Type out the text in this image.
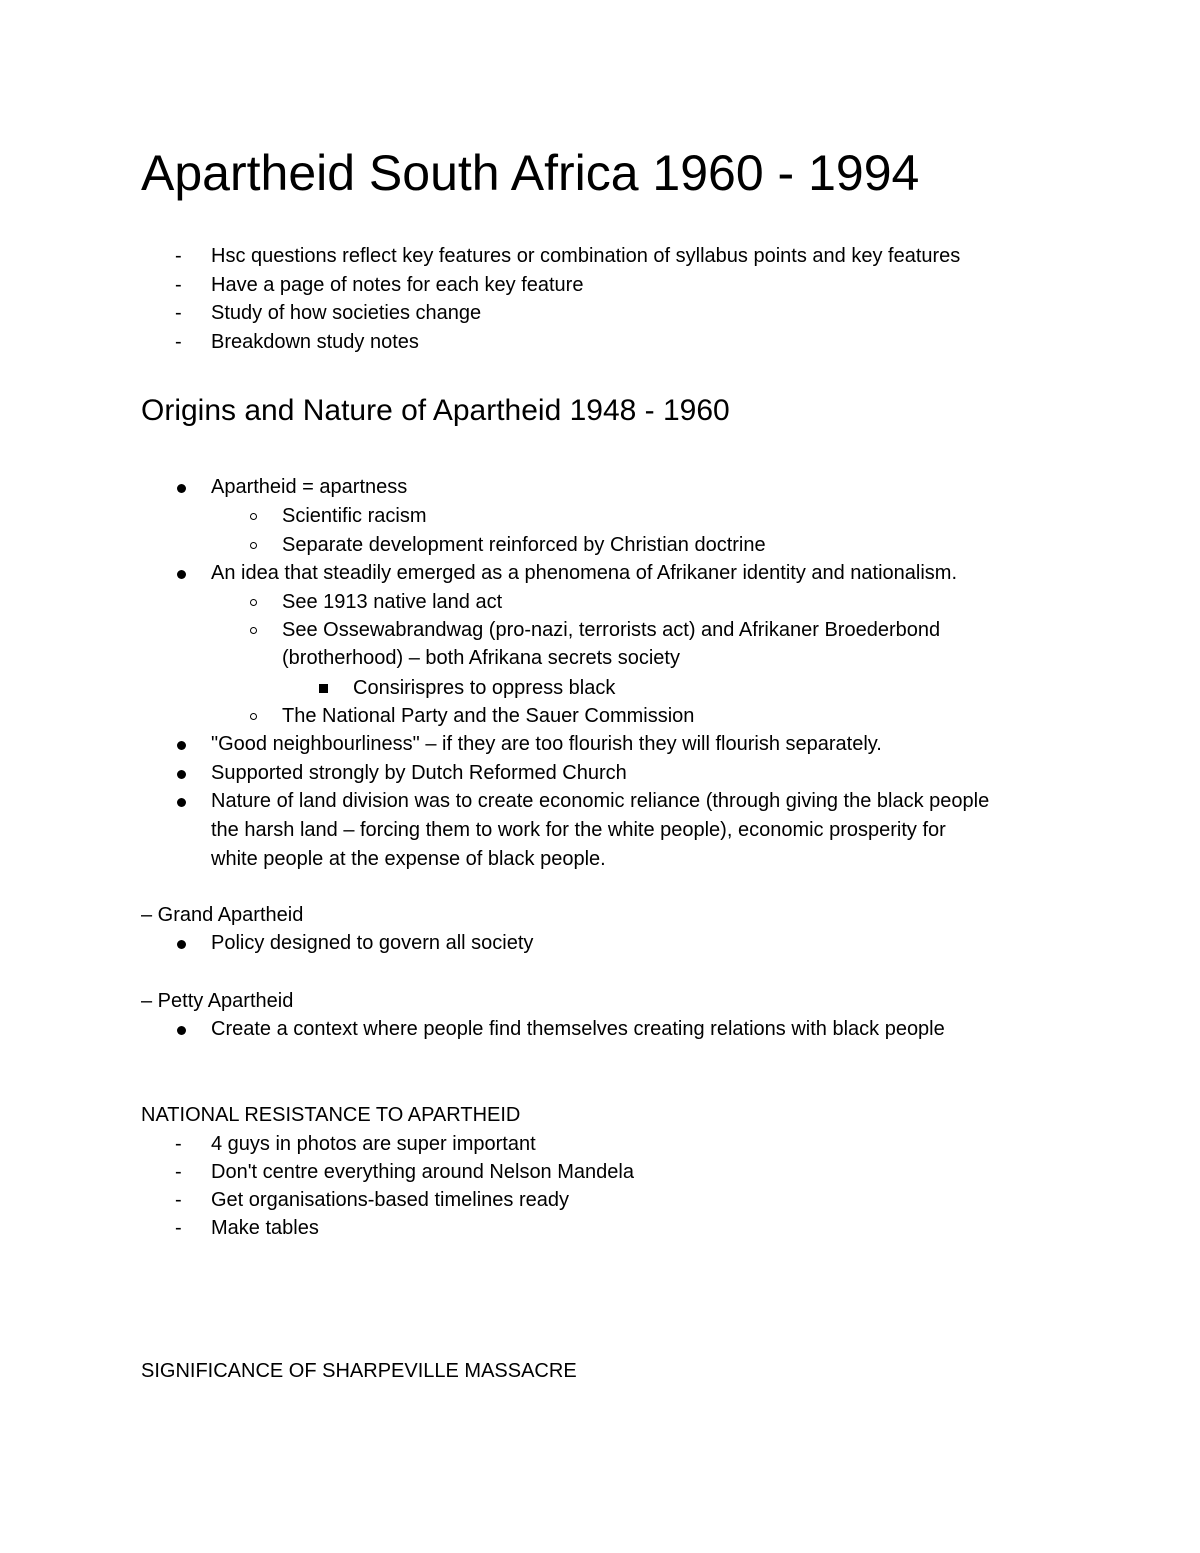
Apartheid South Africa 1960 - 1994
- Hsc questions reflect key features or combination of syllabus points and key features
- Have a page of notes for each key feature
- Study of how societies change
- Breakdown study notes
Origins and Nature of Apartheid 1948 - 1960
Apartheid = apartness
Scientific racism
Separate development reinforced by Christian doctrine
An idea that steadily emerged as a phenomena of Afrikaner identity and nationalism.
See 1913 native land act
See Ossewabrandwag (pro-nazi, terrorists act) and Afrikaner Broederbond
(brotherhood) – both Afrikana secrets society
Consirispres to oppress black
The National Party and the Sauer Commission
"Good neighbourliness" – if they are too flourish they will flourish separately.
Supported strongly by Dutch Reformed Church
Nature of land division was to create economic reliance (through giving the black people
the harsh land – forcing them to work for the white people), economic prosperity for
white people at the expense of black people.
– Grand Apartheid
Policy designed to govern all society
– Petty Apartheid
Create a context where people find themselves creating relations with black people
NATIONAL RESISTANCE TO APARTHEID
- 4 guys in photos are super important
- Don't centre everything around Nelson Mandela
- Get organisations-based timelines ready
- Make tables
SIGNIFICANCE OF SHARPEVILLE MASSACRE
